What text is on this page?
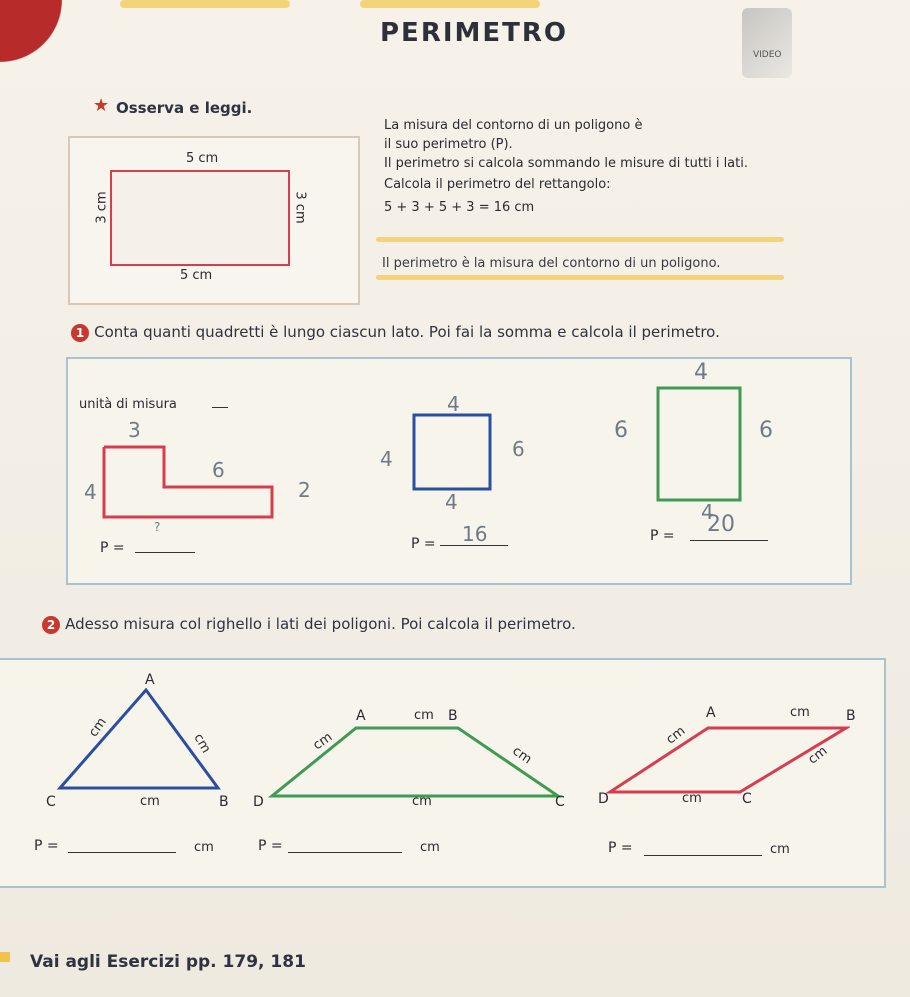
PERIMETRO
VIDEO
★ Osserva e leggi.
5 cm
3 cm	3 cm
5 cm
La misura del contorno di un poligono è
il suo perimetro (P).
Il perimetro si calcola sommando le misure di tutti i lati.
Calcola il perimetro del rettangolo:
5 + 3 + 5 + 3 = 16 cm
Il perimetro è la misura del contorno di un poligono.
1 Conta quanti quadretti è lungo ciascun lato. Poi fai la somma e calcola il perimetro.
unità di misura
3
6
4	2
P =
?
4
4	6
4
P = 16
4
6	6
4
P = 20
2 Adesso misura col righello i lati dei poligoni. Poi calcola il perimetro.
A
C	B
cm
cm
cm
P =	cm
A	B
D	C
cm
cm
cm
cm
P =	cm
A	B
D	C
cm
cm
cm
cm
P =	cm
Vai agli Esercizi pp. 179, 181
